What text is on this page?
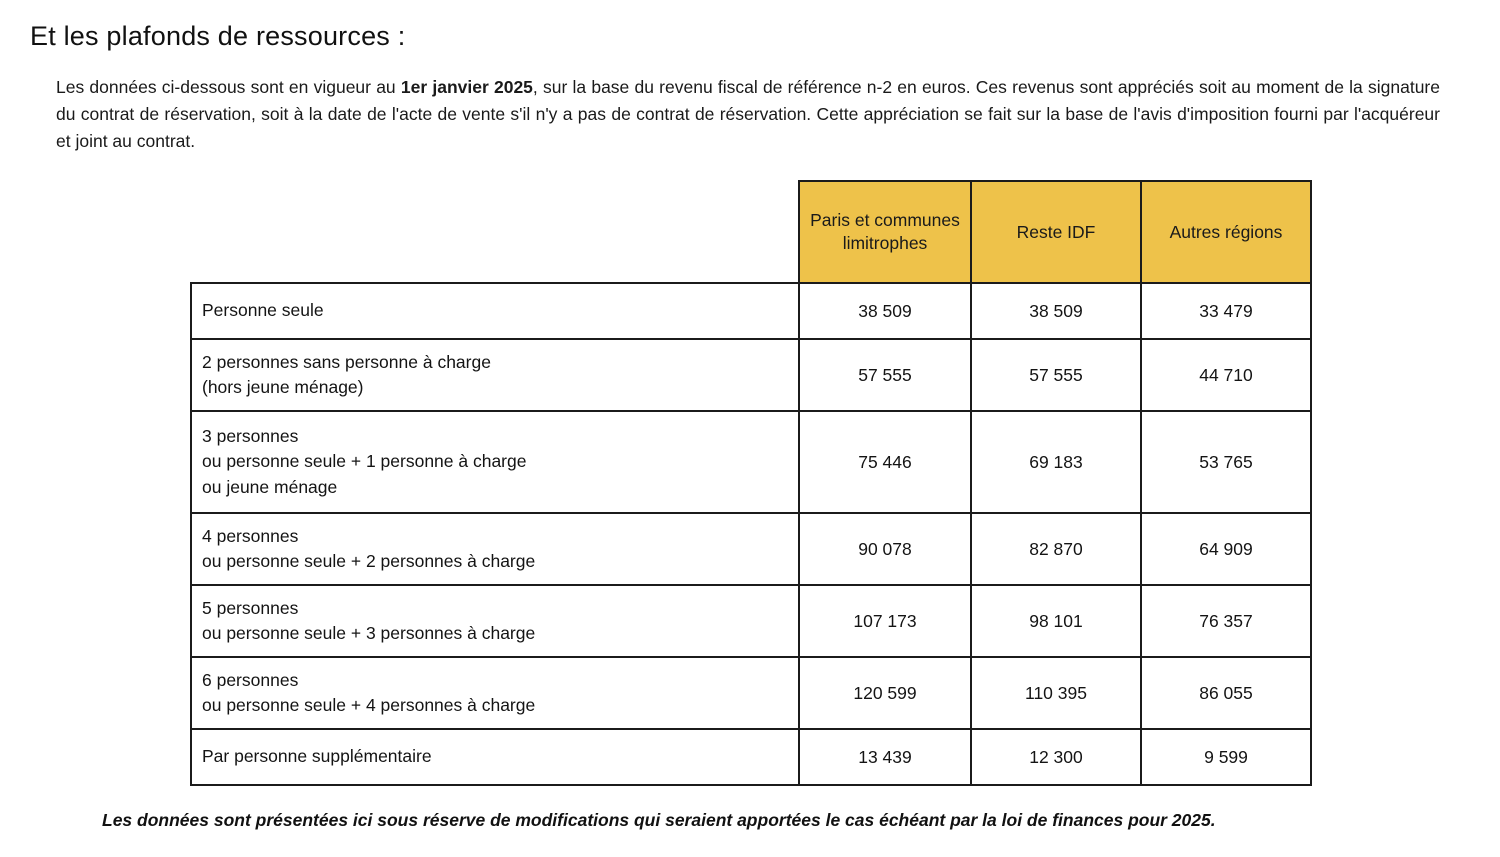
Et les plafonds de ressources :

Les données ci-dessous sont en vigueur au 1er janvier 2025, sur la base du revenu fiscal de référence n-2 en euros. Ces revenus sont appréciés soit au moment de la signature du contrat de réservation, soit à la date de l'acte de vente s'il n'y a pas de contrat de réservation. Cette appréciation se fait sur la base de l'avis d'imposition fourni par l'acquéreur et joint au contrat.

	Paris et communes limitrophes	Reste IDF	Autres régions

Personne seule	38 509	38 509	33 479

2 personnes sans personne à charge
(hors jeune ménage)	57 555	57 555	44 710

3 personnes
ou personne seule + 1 personne à charge
ou jeune ménage	75 446	69 183	53 765

4 personnes
ou personne seule + 2 personnes à charge	90 078	82 870	64 909

5 personnes
ou personne seule + 3 personnes à charge	107 173	98 101	76 357

6 personnes
ou personne seule + 4 personnes à charge	120 599	110 395	86 055

Par personne supplémentaire	13 439	12 300	9 599

Les données sont présentées ici sous réserve de modifications qui seraient apportées le cas échéant par la loi de finances pour 2025.
